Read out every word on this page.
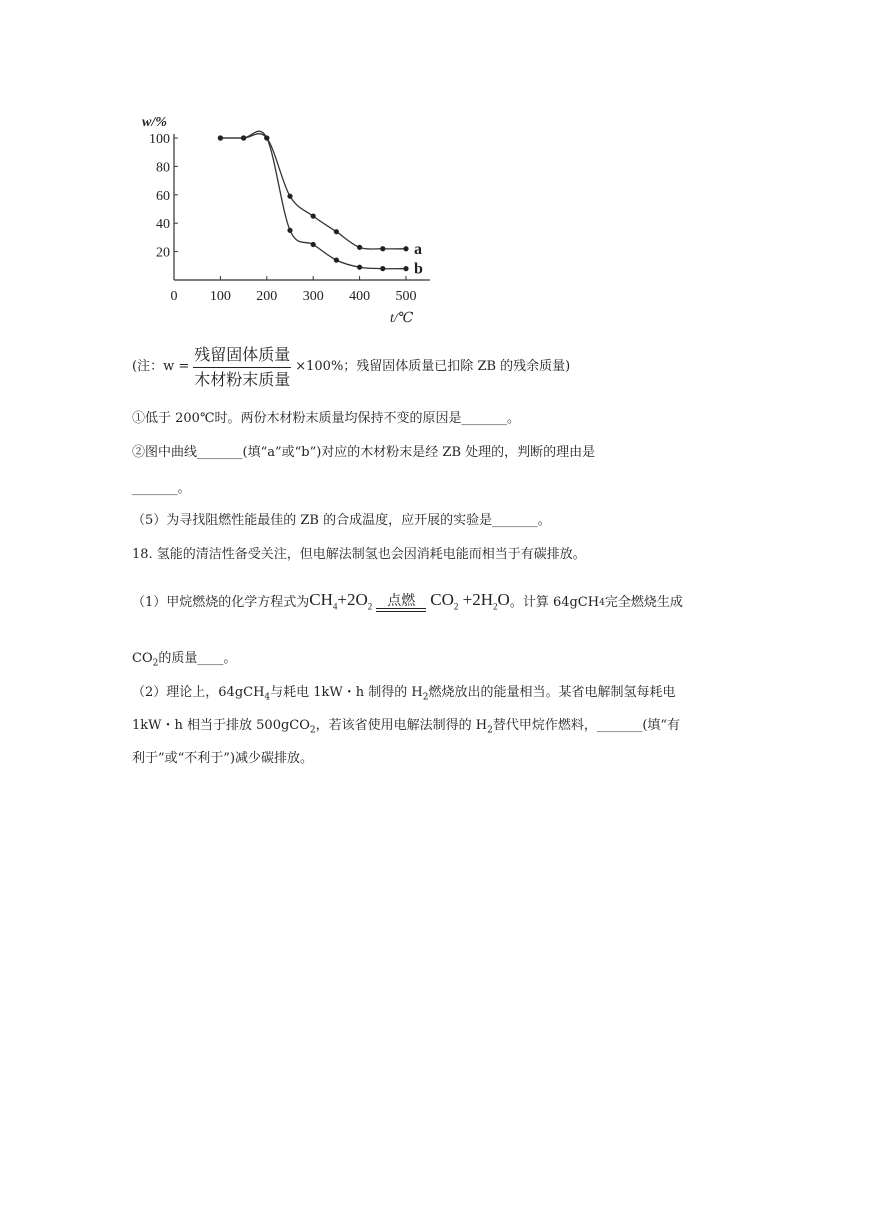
0 100 200 300 400 500
20
40
60
80
100
w/%
t/℃
a
b
(注：$w = \frac{\text{残留固体质量}}{\text{木材粉末质量}} \times 100\%$；残留固体质量已扣除 ZB 的残余质量)
①低于 200℃时。两份木材粉末质量均保持不变的原因是_______。
②图中曲线_______(填“a”或“b”)对应的木材粉末是经 ZB 处理的，判断的理由是
_______。
（5）为寻找阻燃性能最佳的 ZB 的合成温度，应开展的实验是_______。
18. 氢能的清洁性备受关注，但电解法制氢也会因消耗电能而相当于有碳排放。
（1）甲烷燃烧的化学方程式为 $CH_4+2O_2$ 点燃 $CO_2 +2H_2O$ 。计算 64gCH 4 完全燃烧生成
$CO_2$的质量____。
（2）理论上，64gCH$_4$与耗电 1kW・h 制得的 $H_2$燃烧放出的能量相当。某省电解制氢每耗电
1kW・h 相当于排放 500gCO$_2$，若该省使用电解法制得的 $H_2$替代甲烷作燃料，_______(填“有
利于”或“不利于”)减少碳排放。
